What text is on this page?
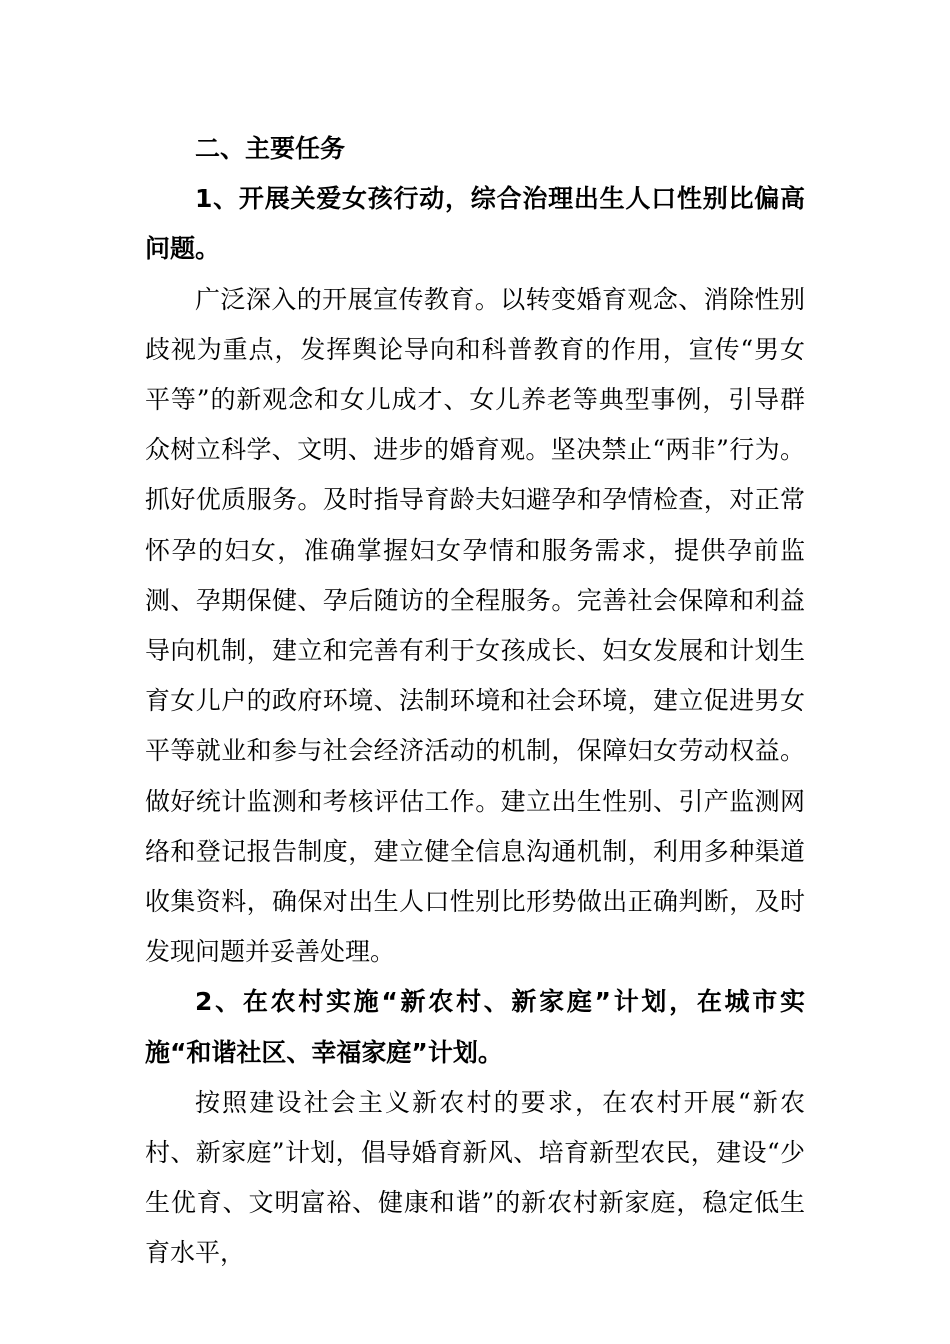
二、主要任务

1、开展关爱女孩行动，综合治理出生人口性别比偏高问题。

广泛深入的开展宣传教育。以转变婚育观念、消除性别歧视为重点，发挥舆论导向和科普教育的作用，宣传“男女平等”的新观念和女儿成才、女儿养老等典型事例，引导群众树立科学、文明、进步的婚育观。坚决禁止“两非”行为。抓好优质服务。及时指导育龄夫妇避孕和孕情检查，对正常怀孕的妇女，准确掌握妇女孕情和服务需求，提供孕前监测、孕期保健、孕后随访的全程服务。完善社会保障和利益导向机制，建立和完善有利于女孩成长、妇女发展和计划生育女儿户的政府环境、法制环境和社会环境，建立促进男女平等就业和参与社会经济活动的机制，保障妇女劳动权益。做好统计监测和考核评估工作。建立出生性别、引产监测网络和登记报告制度，建立健全信息沟通机制，利用多种渠道收集资料，确保对出生人口性别比形势做出正确判断，及时发现问题并妥善处理。

2、在农村实施“新农村、新家庭”计划，在城市实施“和谐社区、幸福家庭”计划。

按照建设社会主义新农村的要求，在农村开展“新农村、新家庭”计划，倡导婚育新风、培育新型农民，建设“少生优育、文明富裕、健康和谐”的新农村新家庭，稳定低生育水平，
